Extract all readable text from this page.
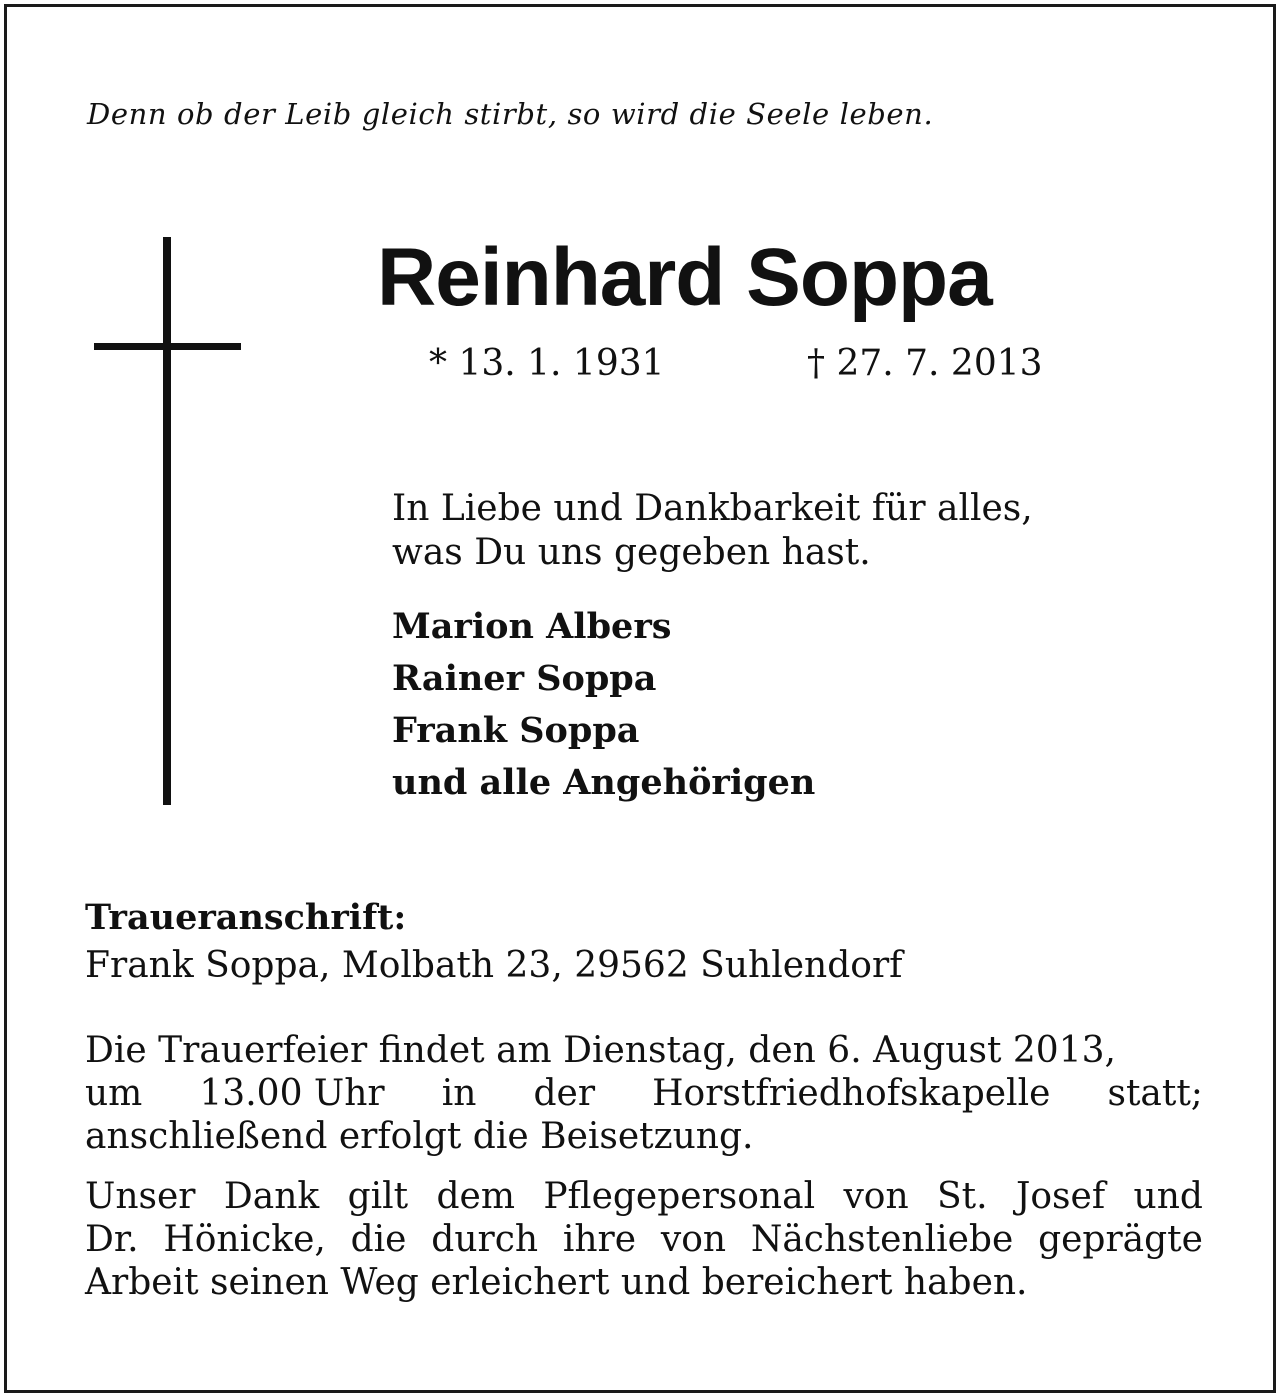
Denn ob der Leib gleich stirbt, so wird die Seele leben.
Reinhard Soppa
* 13. 1. 1931	† 27. 7. 2013
In Liebe und Dankbarkeit für alles,
was Du uns gegeben hast.
Marion Albers
Rainer Soppa
Frank Soppa
und alle Angehörigen
Traueranschrift:
Frank Soppa, Molbath 23, 29562 Suhlendorf
Die Trauerfeier findet am Dienstag, den 6. August 2013,
um 13.00 Uhr in der Horstfriedhofskapelle statt;
anschließend erfolgt die Beisetzung.
Unser Dank gilt dem Pflegepersonal von St. Josef und
Dr. Hönicke, die durch ihre von Nächstenliebe geprägte
Arbeit seinen Weg erleichert und bereichert haben.
